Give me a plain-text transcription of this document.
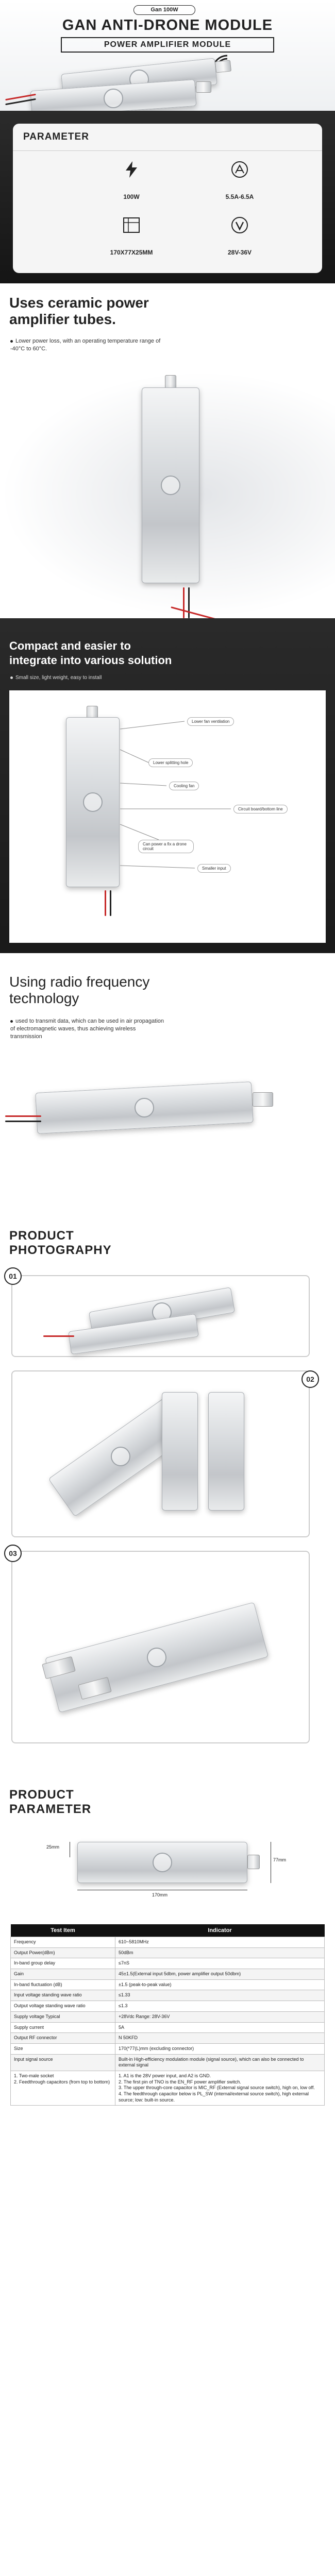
Gan 100W
GAN ANTI-DRONE MODULE
POWER AMPLIFIER MODULE
PARAMETER
100W	5.5A-6.5A
170X77X25MM	28V-36V
Uses ceramic power
amplifier tubes.
Lower power loss, with an operating temperature range of -40°C to 60°C.
Compact and easier to
integrate into various solution
Small size, light weight, easy to install
Lower fan ventilation
Lower splitting hole
Cooling fan
Circuit board/bottom line
Can power a fix a drone circuit
Smaller input
Using radio frequency
technology
used to transmit data, which can be used in air propagation of electromagnetic waves, thus achieving wireless transmission
PRODUCT
PHOTOGRAPHY
01
02
03
PRODUCT
PARAMETER
77mm
170mm
25mm
Test Item	Indicator
Frequency	610~5810MHz
Output Power(dBm)	50dBm
In-band group delay	≤7nS
Gain	45±1.5(External input 5dbm, power amplifier output 50dbm)
In-band fluctuation (dB)	±1.5 (peak-to-peak value)
Input voltage standing wave ratio	≤1.33
Output voltage standing wave ratio	≤1.3
Supply voltage Typical	+28Vdc Range: 28V-36V
Supply current	5A
Output RF connector	N 50KFD
Size	170(*77(L)mm (excluding connector)
Input signal source	Built-in High-efficiency modulation module (signal source), which can also be connected to external signal
1. Two-male socket
2. Feedthrough capacitors (from top to bottom)	1. A1 is the 28V power input, and A2 is GND.
2. The first pin of TNO is the EN_RF power amplifier switch.
3. The upper through-core capacitor is MIC_RF (External signal source switch), high on, low off.
4. The feedthrough capacitor below is PL_SW (internal/external source switch), high external source; low: built-in source.
